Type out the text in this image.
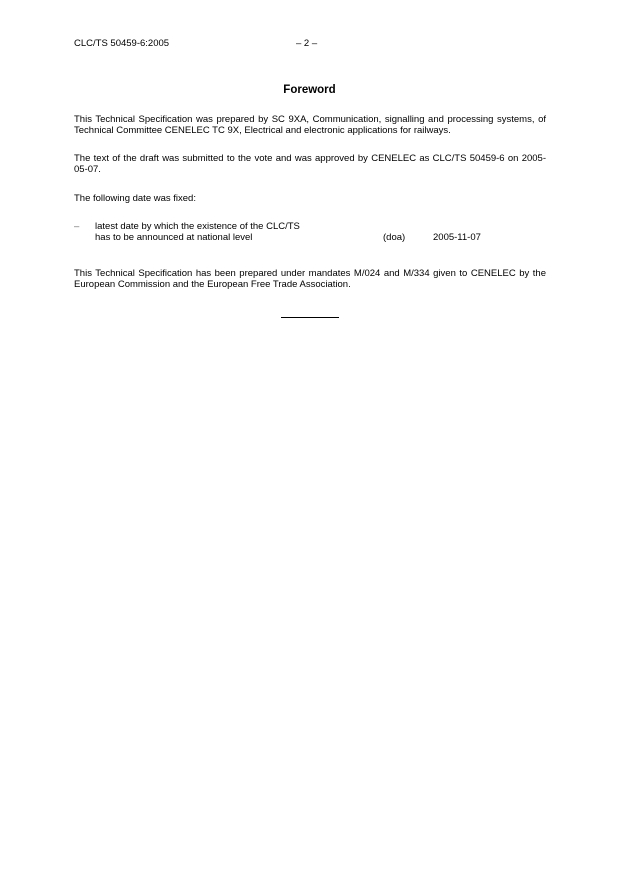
CLC/TS 50459-6:2005	– 2 –
Foreword
This Technical Specification was prepared by SC 9XA, Communication, signalling and processing systems, of Technical Committee CENELEC TC 9X, Electrical and electronic applications for railways.
The text of the draft was submitted to the vote and was approved by CENELEC as CLC/TS 50459-6 on 2005-05-07.
The following date was fixed:
– latest date by which the existence of the CLC/TS
has to be announced at national level	(doa)	2005-11-07
This Technical Specification has been prepared under mandates M/024 and M/334 given to CENELEC by the European Commission and the European Free Trade Association.
